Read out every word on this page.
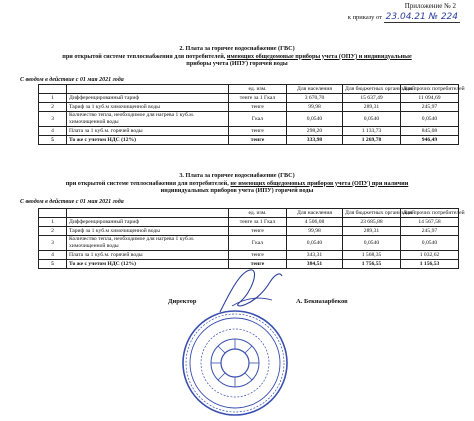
Приложение № 2
к приказу от 23.04.21 № 224
2. Плата за горячее водоснабжение (ГВС)
при открытой системе теплоснабжения для потребителей, имеющих общедомовые приборы учета (ОПУ) и индивидуальные
приборы учета (ИПУ) горячей воды
С вводом в действие с 01 мая 2021 года
		ед. изм.	Для населения	Для бюджетных организаций	Для прочих потребителей
1	Дифференцированный тариф	тенге за 1 Гкал	3 670,70	15 637,49	11 094,69
2	Тариф за 1 куб.м химочищенной воды	тенге	99,98	289,31	245,97
3	Количество тепла, необходимое для нагрева 1 куб.м. химочищенной воды	Гкал	0,0540	0,0540	0,0540
4	Плата за 1 куб.м. горячей воды	тенге	298,20	1 133,73	845,08
5	То же с учетом НДС (12%)	тенге	333,98	1 269,78	946,49
3. Плата за горячее водоснабжение (ГВС)
при открытой системе теплоснабжения для потребителей, не имеющих общедомовых приборов учета (ОПУ) при наличии
индивидуальных приборов учета (ИПУ) горячей воды
С вводом в действие с 01 мая 2021 года
		ед. изм.	Для населения	Для бюджетных организаций	Для прочих потребителей
1	Дифференцированный тариф	тенге за 1 Гкал	4 506,08	23 685,88	14 567,58
2	Тариф за 1 куб.м химочищенной воды	тенге	99,98	289,31	245,97
3	Количество тепла, необходимое для нагрева 1 куб.м. химочищенной воды	Гкал	0,0540	0,0540	0,0540
4	Плата за 1 куб.м. горячей воды	тенге	343,31	1 568,35	1 032,62
5	То же с учетом НДС (12%)	тенге	384,51	1 756,55	1 156,53
Директор	А. Бекназарбеков
